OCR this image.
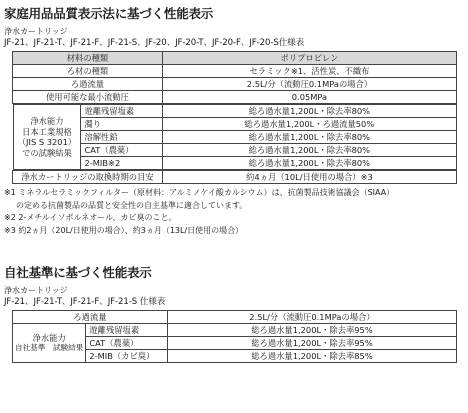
家庭用品品質表示法に基づく性能表示

浄水カートリッジ

JF-21、JF-21-T、JF-21-F、JF-21-S、JF-20、JF-20-T、JF-20-F、JF-20-S仕様表

材料の種類	ポリプロピレン
ろ材の種類	セラミック※1、活性炭、不織布
ろ過流量	2.5L/分（流動圧0.1MPaの場合）
使用可能な最小流動圧	0.05MPa

浄水能力
日本工業規格
（JIS S 3201）
での試験結果
	遊離残留塩素	総ろ過水量1,200L・除去率80%
濁り	総ろ過水量1,200L・ろ過流量50%
溶解性鉛	総ろ過水量1,200L・除去率80%
CAT（農薬）	総ろ過水量1,200L・除去率80%
2-MIB※2	総ろ過水量1,200L・除去率80%

浄水カートリッジの取換時期の目安	約4ヵ月（10L/日使用の場合）※3

※1 ミネラルセラミックフィルター（原材料：アルミノケイ酸カルシウム）は、抗菌製品技術協議会（SIAA）

の定める抗菌製品の品質と安全性の自主基準に適合しています。

※2 2-メチルイソボルネオール、カビ臭のこと。

※3 約2ヵ月（20L/日使用の場合）、約3ヵ月（13L/日使用の場合）

自社基準に基づく性能表示

浄水カートリッジ

JF-21、JF-21-T、JF-21-F、JF-21-S 仕様表

ろ過流量		2.5L/分（流動圧0.1MPaの場合）

浄水能力
自社基準　試験結果	遊離残留塩素	総ろ過水量1,200L・除去率95%
	CAT（農薬）	総ろ過水量1,200L・除去率95%
	2-MIB（カビ臭）	総ろ過水量1,200L・除去率85%
